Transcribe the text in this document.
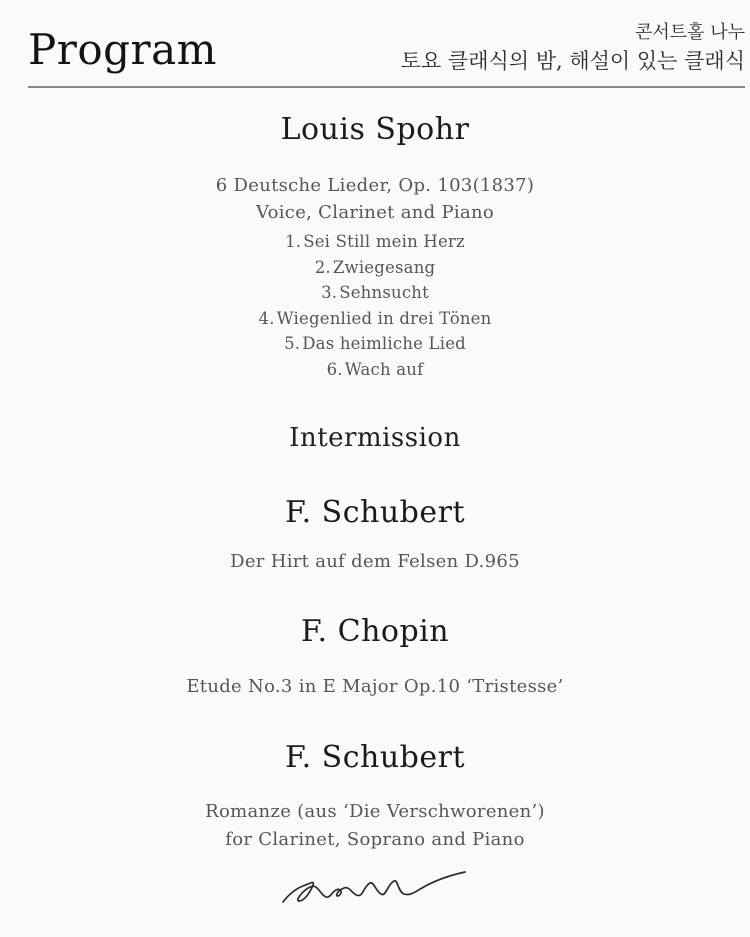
Program	콘서트홀 나누
토요 클래식의 밤, 해설이 있는 클래식
Louis Spohr
6 Deutsche Lieder, Op. 103(1837)
Voice, Clarinet and Piano
1. Sei Still mein Herz
2. Zwiegesang
3. Sehnsucht
4. Wiegenlied in drei Tönen
5. Das heimliche Lied
6. Wach auf
Intermission
F. Schubert
Der Hirt auf dem Felsen D.965
F. Chopin
Etude No.3 in E Major Op.10 ‘Tristesse’
F. Schubert
Romanze (aus ‘Die Verschworenen’)
for Clarinet, Soprano and Piano
